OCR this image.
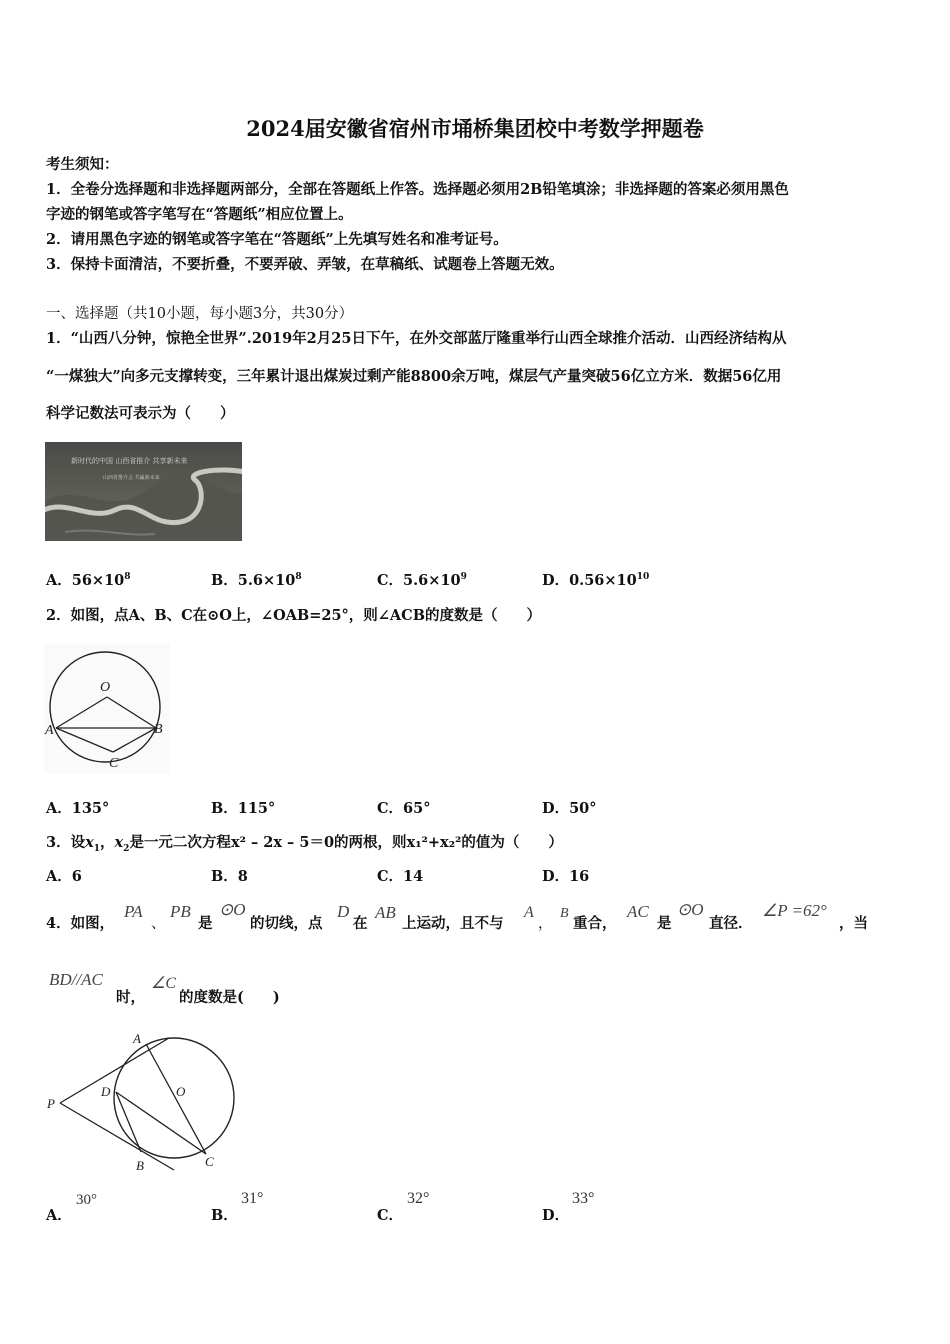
2024届安徽省宿州市埇桥集团校中考数学押题卷
考生须知：
1．全卷分选择题和非选择题两部分，全部在答题纸上作答。选择题必须用2B铅笔填涂；非选择题的答案必须用黑色
字迹的钢笔或答字笔写在“答题纸”相应位置上。
2．请用黑色字迹的钢笔或答字笔在“答题纸”上先填写姓名和准考证号。
3．保持卡面清洁，不要折叠，不要弄破、弄皱，在草稿纸、试题卷上答题无效。
一、选择题（共10小题，每小题3分，共30分）
1．“山西八分钟，惊艳全世界”.2019年2月25日下午，在外交部蓝厅隆重举行山西全球推介活动．山西经济结构从
“一煤独大”向多元支撑转变，三年累计退出煤炭过剩产能8800余万吨，煤层气产量突破56亿立方米．数据56亿用
科学记数法可表示为（　　）
新时代的中国 山西省推介 共享新未来
山西省推介会 共赢新未来
A．$56\times 10^8$	B．$5.6\times 10^8$	C．$5.6\times 10^9$	D．$0.56\times 10^{10}$
2．如图，点A、B、C在⊙O上，∠OAB=25°，则∠ACB的度数是（　　）
O
A	B
C
A．135°	B．115°	C．65°	D．50°
3．设$x_1$，$x_2$是一元二次方程x² – 2x – 5＝0的两根，则x₁²+x₂²的值为（　　）
A．6	B．8	C．14	D．16
4．如图，
PA
、
PB
是
⊙O
的切线，点
D
在
AB
上运动，且不与
A
，
B
重合，
AC
是
⊙O
直径．
∠P =62°
，当
BD//AC
时，
∠C
的度数是(　　)
A
O
D
P
B	C
A．
30°
B．
31°
C．
32°
D．
33°
